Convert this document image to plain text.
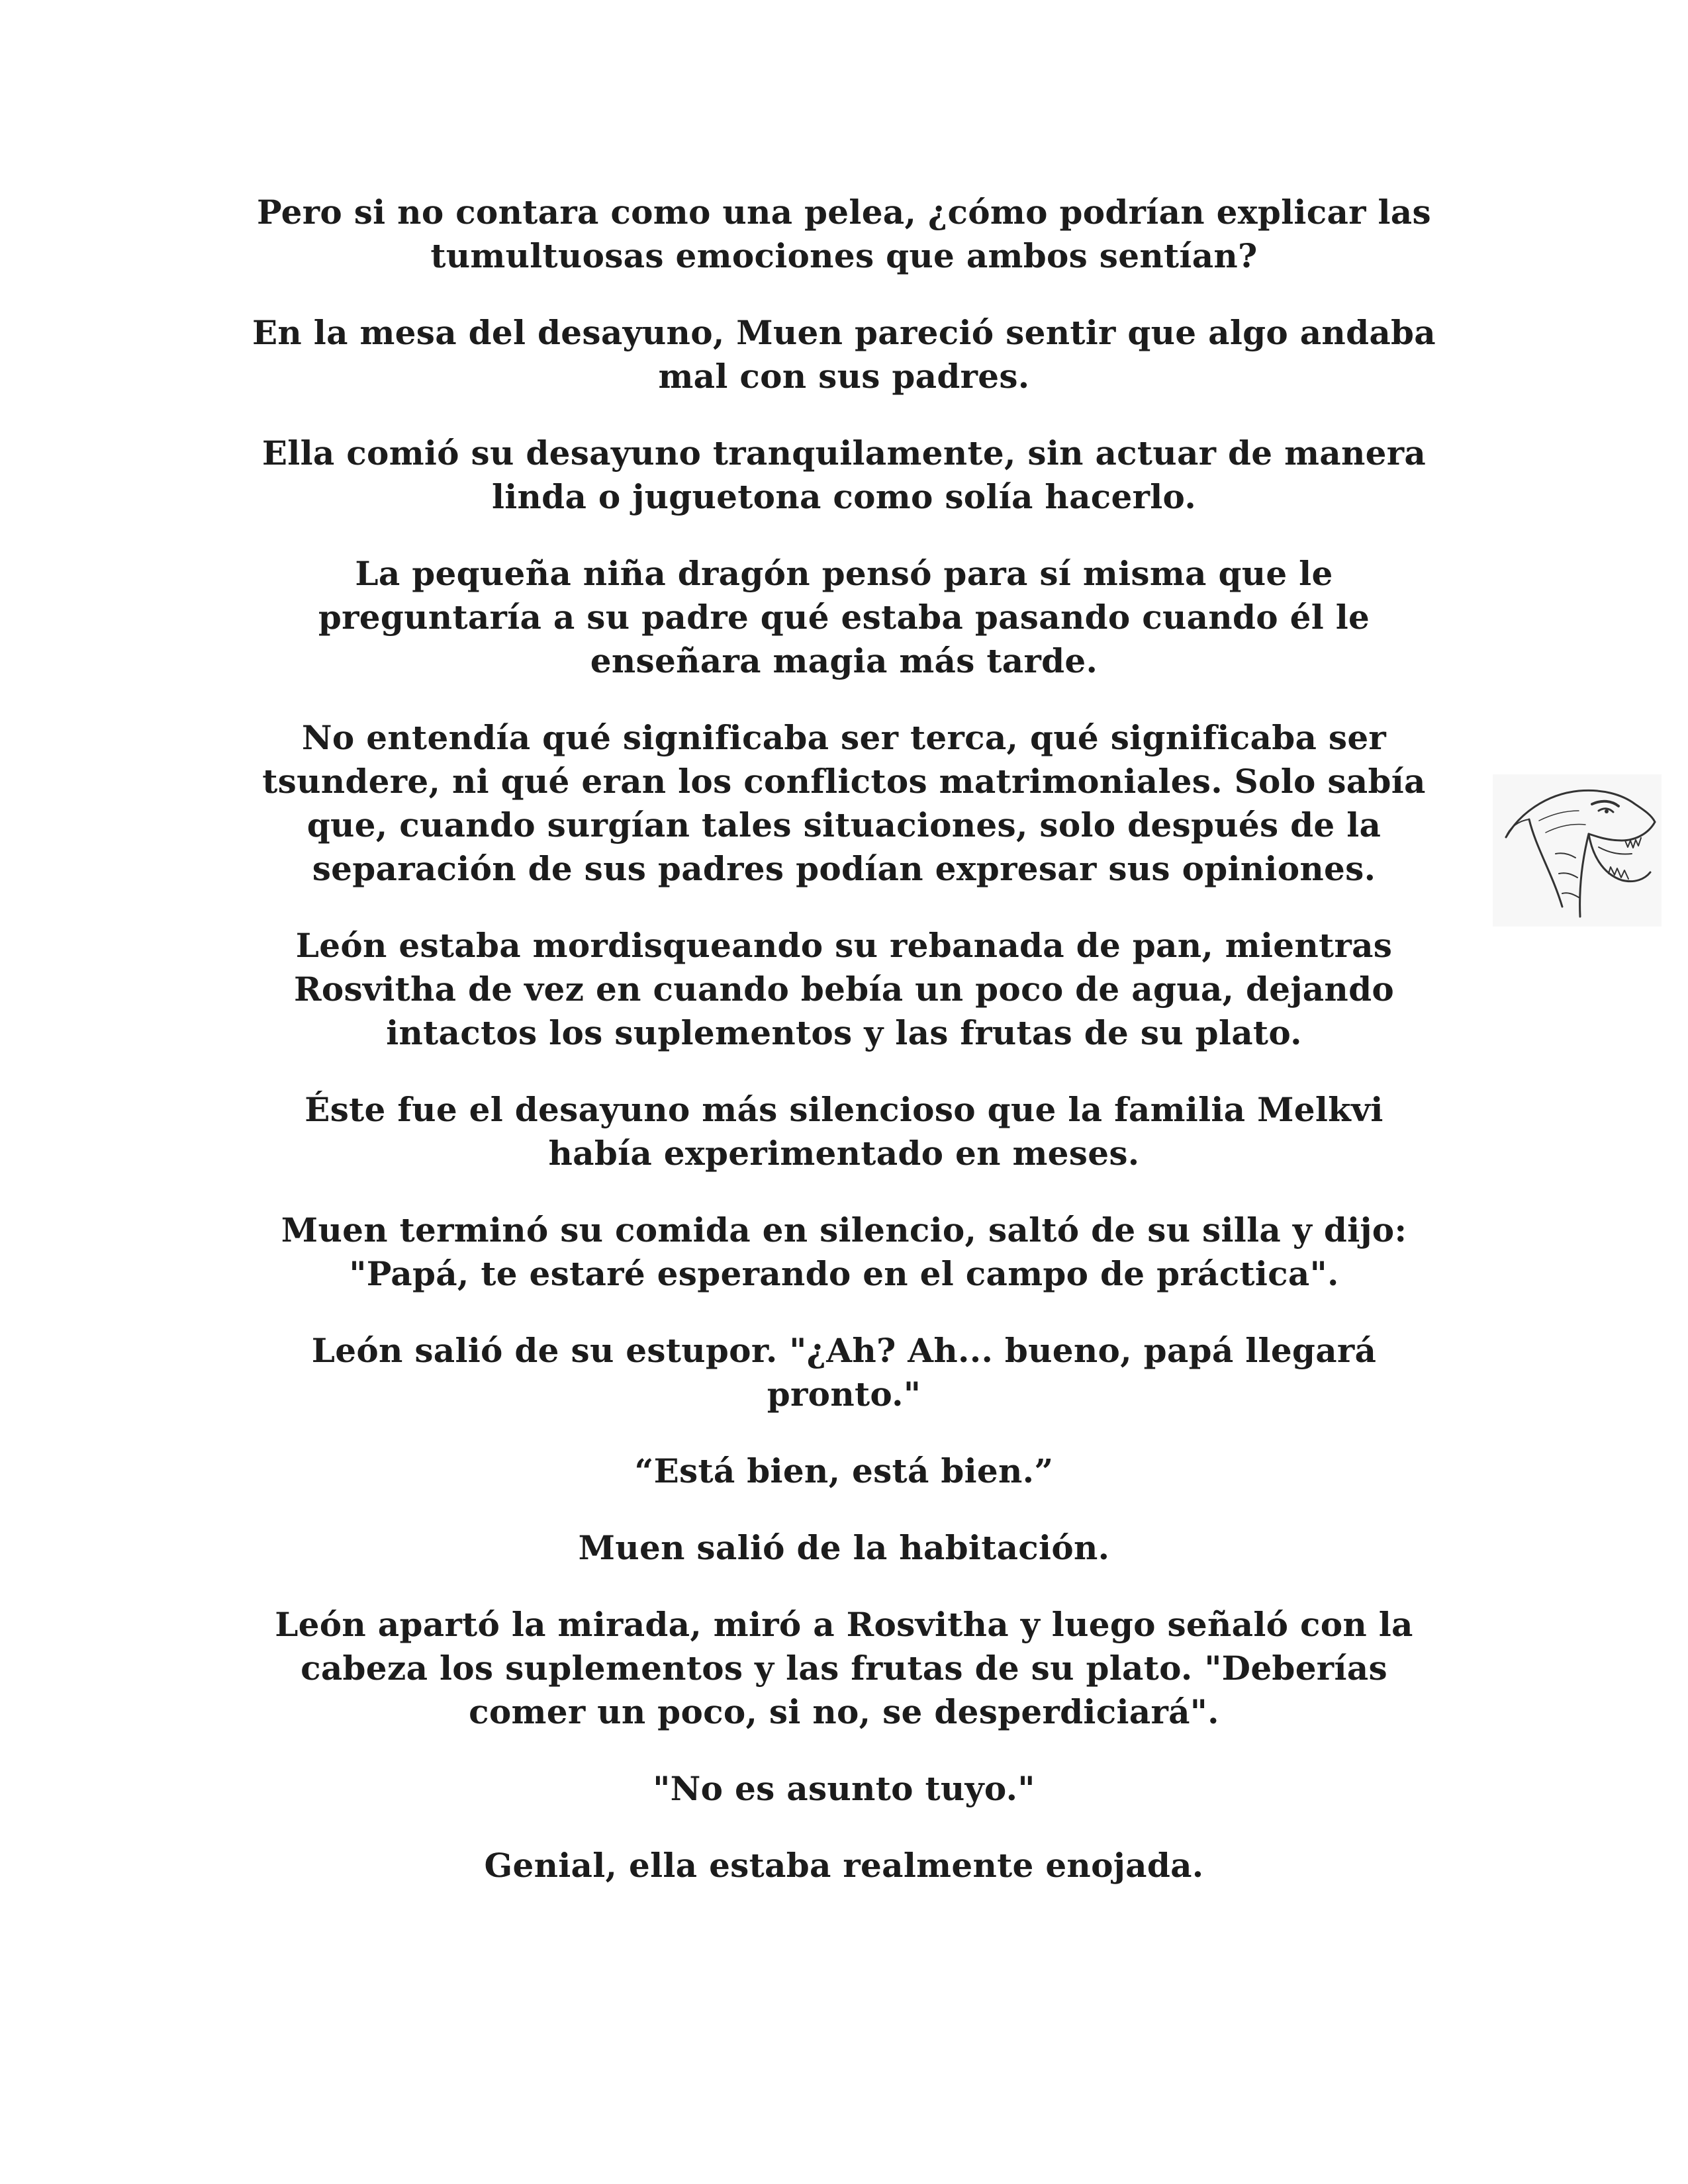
Pero si no contara como una pelea, ¿cómo podrían explicar las
tumultuosas emociones que ambos sentían?

En la mesa del desayuno, Muen pareció sentir que algo andaba
mal con sus padres.

Ella comió su desayuno tranquilamente, sin actuar de manera
linda o juguetona como solía hacerlo.

La pequeña niña dragón pensó para sí misma que le
preguntaría a su padre qué estaba pasando cuando él le
enseñara magia más tarde.

No entendía qué significaba ser terca, qué significaba ser
tsundere, ni qué eran los conflictos matrimoniales. Solo sabía
que, cuando surgían tales situaciones, solo después de la
separación de sus padres podían expresar sus opiniones.

León estaba mordisqueando su rebanada de pan, mientras
Rosvitha de vez en cuando bebía un poco de agua, dejando
intactos los suplementos y las frutas de su plato.

Éste fue el desayuno más silencioso que la familia Melkvi
había experimentado en meses.

Muen terminó su comida en silencio, saltó de su silla y dijo:
"Papá, te estaré esperando en el campo de práctica".

León salió de su estupor. "¿Ah? Ah... bueno, papá llegará
pronto."

“Está bien, está bien.”

Muen salió de la habitación.

León apartó la mirada, miró a Rosvitha y luego señaló con la
cabeza los suplementos y las frutas de su plato. "Deberías
comer un poco, si no, se desperdiciará".

"No es asunto tuyo."

Genial, ella estaba realmente enojada.
